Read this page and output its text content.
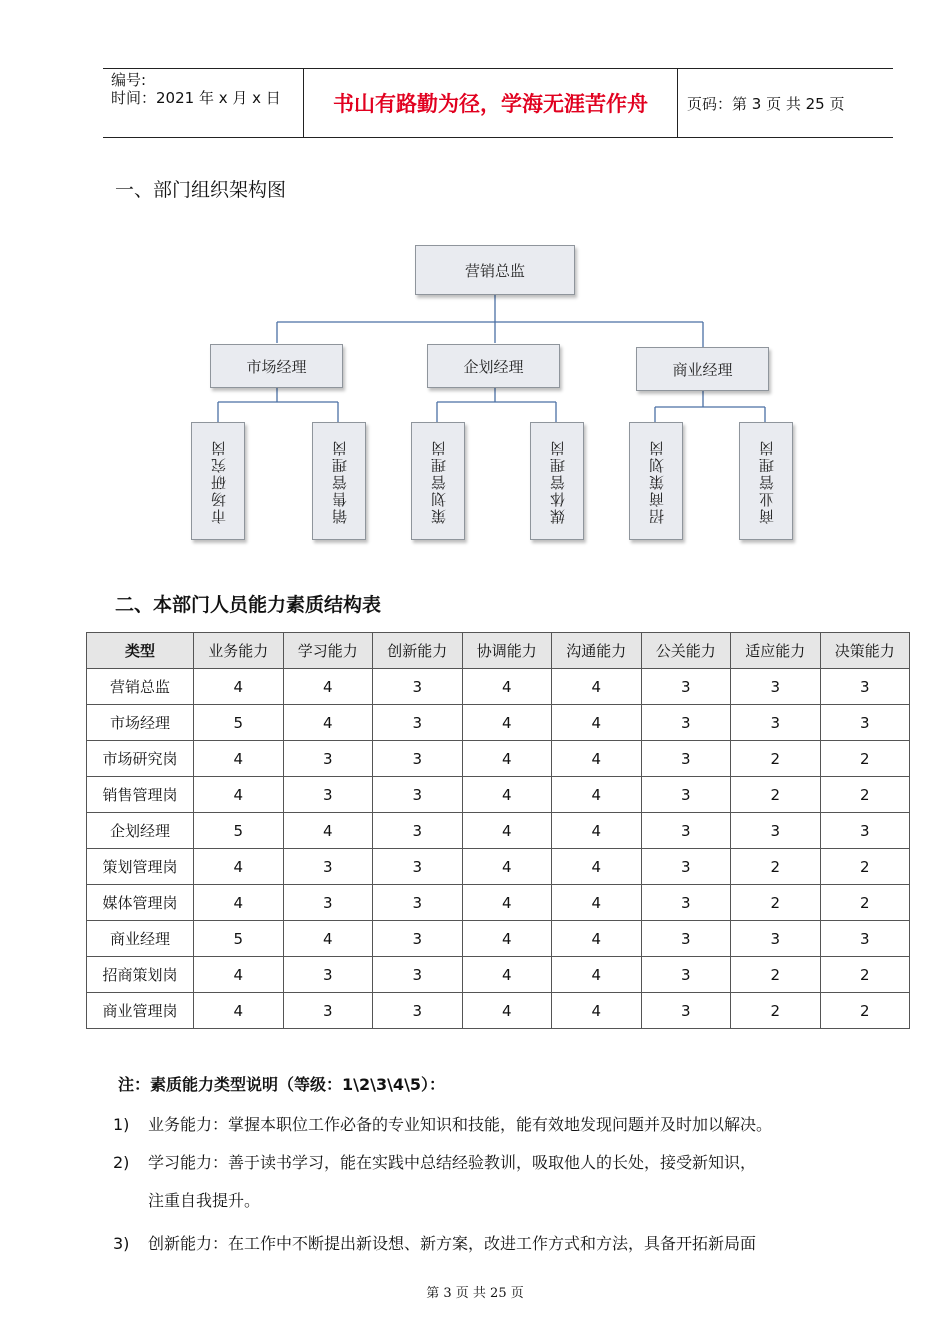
编号:
时间：2021 年 x 月 x 日	书山有路勤为径，学海无涯苦作舟	页码：第 3 页 共 25 页
一、部门组织架构图
营销总监
市场经理	企划经理	商业经理
市场研究岗	销售管理岗	策划管理岗	媒体管理岗	招商策划岗	商业管理岗
二、本部门人员能力素质结构表
类型	业务能力	学习能力	创新能力	协调能力	沟通能力	公关能力	适应能力	决策能力
营销总监	4	4	3	4	4	3	3	3
市场经理	5	4	3	4	4	3	3	3
市场研究岗	4	3	3	4	4	3	2	2
销售管理岗	4	3	3	4	4	3	2	2
企划经理	5	4	3	4	4	3	3	3
策划管理岗	4	3	3	4	4	3	2	2
媒体管理岗	4	3	3	4	4	3	2	2
商业经理	5	4	3	4	4	3	3	3
招商策划岗	4	3	3	4	4	3	2	2
商业管理岗	4	3	3	4	4	3	2	2
注：素质能力类型说明（等级：1\2\3\4\5）：
1)	业务能力：掌握本职位工作必备的专业知识和技能，能有效地发现问题并及时加以解决。
2)	学习能力：善于读书学习，能在实践中总结经验教训，吸取他人的长处，接受新知识，
注重自我提升。
3)	创新能力：在工作中不断提出新设想、新方案，改进工作方式和方法，具备开拓新局面
第 3 页 共 25 页
